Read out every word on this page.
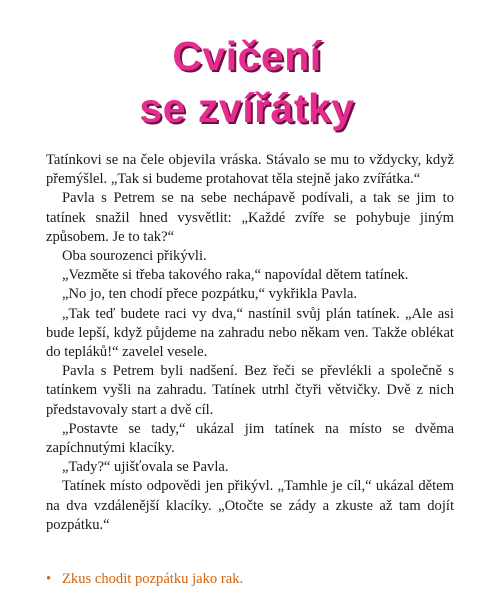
Cvičení
se zvířátky

Tatínkovi se na čele objevila vráska. Stávalo se mu to vždycky, když přemýšlel. „Tak si budeme protahovat těla stejně jako zvířátka.“

Pavla s Petrem se na sebe nechápavě podívali, a tak se jim to tatínek snažil hned vysvětlit: „Každé zvíře se pohybuje jiným způsobem. Je to tak?“

Oba sourozenci přikývli.

„Vezměte si třeba takového raka,“ napovídal dětem tatínek.

„No jo, ten chodí přece pozpátku,“ vykřikla Pavla.

„Tak teď budete raci vy dva,“ nastínil svůj plán tatínek. „Ale asi bude lepší, když půjdeme na zahradu nebo někam ven. Takže oblékat do tepláků!“ zavelel vesele.

Pavla s Petrem byli nadšení. Bez řeči se převlékli a společně s tatínkem vyšli na zahradu. Tatínek utrhl čtyři větvičky. Dvě z nich představovaly start a dvě cíl.

„Postavte se tady,“ ukázal jim tatínek na místo se dvěma zapíchnutými klacíky.

„Tady?“ ujišťovala se Pavla.

Tatínek místo odpovědi jen přikývl. „Tamhle je cíl,“ ukázal dětem na dva vzdálenější klacíky. „Otočte se zády a zkuste až tam dojít pozpátku.“

• Zkus chodit pozpátku jako rak.
